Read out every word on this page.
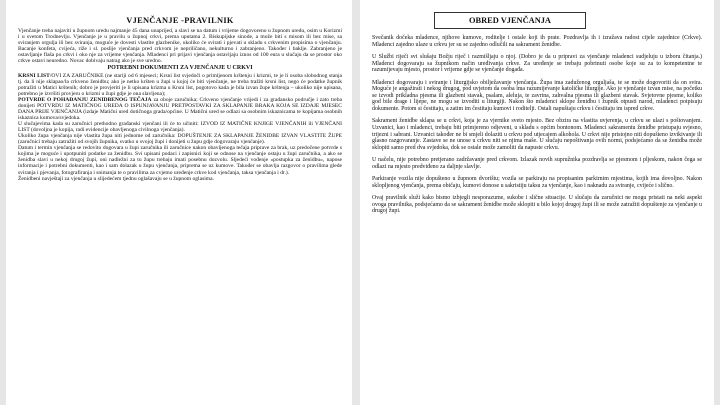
VJENČANJE -PRAVILNIK

Vjenčanje treba najaviti u župnom uredu najmanje 45 dana unaprijed, a slavi se na datum i vrijeme dogovoreno u župnom uredu, osim u Korizmi i u svetom Trodnevlju. Vjenčanje je u pravilu u župnoj crkvi, prema uputama 2. Biskupijske sinode, a može biti s misom ili bez mise, sa sviranjem orgulja ili bez sviranja, moguće je dovesti vlastite glazbenike, ukoliko će svirati i pjevati u skladu s crkvenim propisima o vjenčanju. Bacanje konfeta, cvijeća, riže i sl. poslije vjenčanja pred crkvom je nepriličano, nekulturno i zabranjeno. Također i baklje. Zabranjeno je ostavljanje flaša po crkvi i oko nje za vrijeme vjenčanja. Mladenci pri prijavi vjenčanja ostavljaju iznos od 100 eura u slučaju da se prostor oko crkve ostavi neuredno. Novac dobivaju natrag ako je sve uredno.

POTREBNI DOKUMENTI ZA VJENČANJE U CRKVI

KRSNI LIST/OVI ZA ZARUČNIKE (ne stariji od 6 mjeseci; Krsni list svjedoči o primljenom krštenju i krizmi, te je li osoba slobodnog stanja tj. da li nije sklapao/la crkveno ženidbu; ako je netko kršten u župi u kojoj će biti vjenčanje, ne treba tražiti krsni list, nego će podatke župnik potražiti u Matici krštenih; dobro je provjeriti je li upisana krizma u Krsni list, pogotovo kada je bila izvan župe krštenja – ukoliko nije upisana, potrebno je izvršiti provjeru o krizmi u župi gdje je ona slavljena);

POTVRDE O POHAĐANJU ZENIDBENOG TEČAJA za oboje zaručnika; Crkveno vjenčanje vrijedi i za građansko područje i zato treba donijeti POTVRDU IZ MATIČNOG UREDA O ISPUNJAVANJU PRETPOSTAVKI ZA SKLAPANJE BRAKA KOJA SE IZDAJE MJESEC DANA PRIJE VJENČANJA (izdaje Matični ured dotičnoga grada/općine. U Matični ured se odlazi sa osobnim iskaznicama te kopijama osobnih iskaznica kumova/svjedoka.

U slučajevima kada su zaručnici prethodno građanski vjenčani ili će to učiniti: IZVOD IZ MATIČNE KNJIGE VJENČANIH ili VJENČANI LIST (dovoljna je kopija, radi evidencije obavljenoga civilnoga vjenčanja).

Ukoliko župa vjenčanja nije vlastita župa niti jednome od zaručnika: DOPUŠTENJE ZA SKLAPANJE ŽENIDBE IZVAN VLASTITE ŽUPE (zaručnici trebaju zatražiti od svojih župnika, svatko u svojoj župi i donijeti u župu gdje dogovaraju vjenčanje).

Datum i termin vjenčanja se redovito dogovara u župi zaručnika ili zaručnice nakon obavljenoga tečaja priprave za brak, uz predočene potvrde s kojima je moguće i upotpuniti podatke za ženidbu. Svi upisani podaci i zapisnici koji se odnose na vjenčanje ostaju u župi zaručnika, a ako se ženidba slavi u nekoj drugoj župi, oni nadležni za tu župu trebaju imati posebnu dozvolu. Sljedeći vođenje «postupka za ženidbu», napose informacije i potrebni dokumenti, kao i sam dolazak u župu vjenčanja, priprema se uz kumove. Također se obavlja razgovor o pravilima glede sviranja i pjevanja, fotografiranja i snimanja te o pravilima za cvjetno uređenje crkve kod vjenčanja, taksa vjenčanja i dr.).

Ženidbeni navještaji za vjenčanja u slijedećem tjednu oglašavaju se u župnom oglasima.

OBRED VJENČANJA

Svečanik dočeka mladence, njihove kumove, roditelje i ostale koji ih prate. Pozdravlja ih i izražava radost cijele zajednice (Crkve). Mladenci zajedno ulaze u crkvu jer su se zajedno odlučili na sakrament ženidbe.

U Službi riječi svi slušaju Božju riječ i razmišljaju o njoj. (Dobro je da u pripravi za vjenčanje mladenci sudjeluju u izboru čitanja.) Mladenci dogovaraju sa župnikom način uređivanja crkve. Za uređenje se trebaju pobrinuti osobe koje su za to kompetentne te razumijevaju mjesto, prostor i vrijeme gdje se vjenčanje događa.

Mladenci dogovaraju i sviranje i liturgijsko obilježavanje vjenčanja. Župa ima zaduženog orguljaša, te se može dogovoriti da on svira. Moguće je angažirati i nekog drugog, pod uvjetom da osoba ima razumijevanje katoličke liturgije. Ako je vjenčanje izvan mise, na početku se izvodi prikladna pjesma ili glazbeni stavak, psalam, aleluja, te zavrina, zahvalna pjesma ili glazbeni stavak. Svjetovne pjesme, koliko god bile drage i lijepe, ne mogu se izvoditi u liturgiji. Nakon što mladenci sklope ženidbu i župnik otpusti narod, mladenci potpisuju dokumente. Potom si čestitaju, a zatim im čestitaju kumovi i roditelji. Ostali napuštaju crkvu i čestitaju im ispred crkve.

Sakrament ženidbe sklapa se u crkvi, koja je za vjernike sveto mjesto. Bez obzira na vlastita uvjerenja, u crkvu se ulazi s poštovanjem. Uzvanici, kao i mladenci, trebaju biti primjereno odjeveni, u skladu s općim bontonom. Mladenci sakramentu ženidbe pristupaju svjesno, trijezni i sabrani. Uzvanici također ne bi smjeli dolaziti u crkvu pod utjecajem alkohola. U crkvi nije pristojno niti dopušteno izvikivanje ili glasno razgovaranje. Zastave se ne unose u crkvu niti se njima maše. U slučaju nepoštivanja ovih normi, podsjećamo da se ženidba može sklopiti samo pred dva svjedoka, dok se ostale može zamoliti da napuste crkvu.

U načelu, nije potrebno pretjerano zadržavanje pred crkvom. Izlazak novih supružnika pozdravlja se pjesmom i pljeskom, nakon čega se odlazi na mjesto predviđeno za daljnje slavlje.

Parkiranje vozila nije dopušteno u župnom dvorištu; vozila se parkiraju na propisanim parkirnim mjestima, kojih ima dovoljno. Nakon sklopljenog vjenčanja, prema običaju, kumovi donose u sakristiju taksu za vjenčanje, kao i naknadu za sviranje, cvijeće i slično.

Ovaj pravilnik služi kako bismo izbjegli nesporazume, sukobe i slične situacije. U slučaju da zaručnici ne mogu pristati na neki aspekt ovoga pravilnika, podsjećamo da se sakrament ženidbe može sklopiti u bilo kojoj drugoj župi ili se može zatražiti dopuštenje za vjenčanje u drugoj župi.
